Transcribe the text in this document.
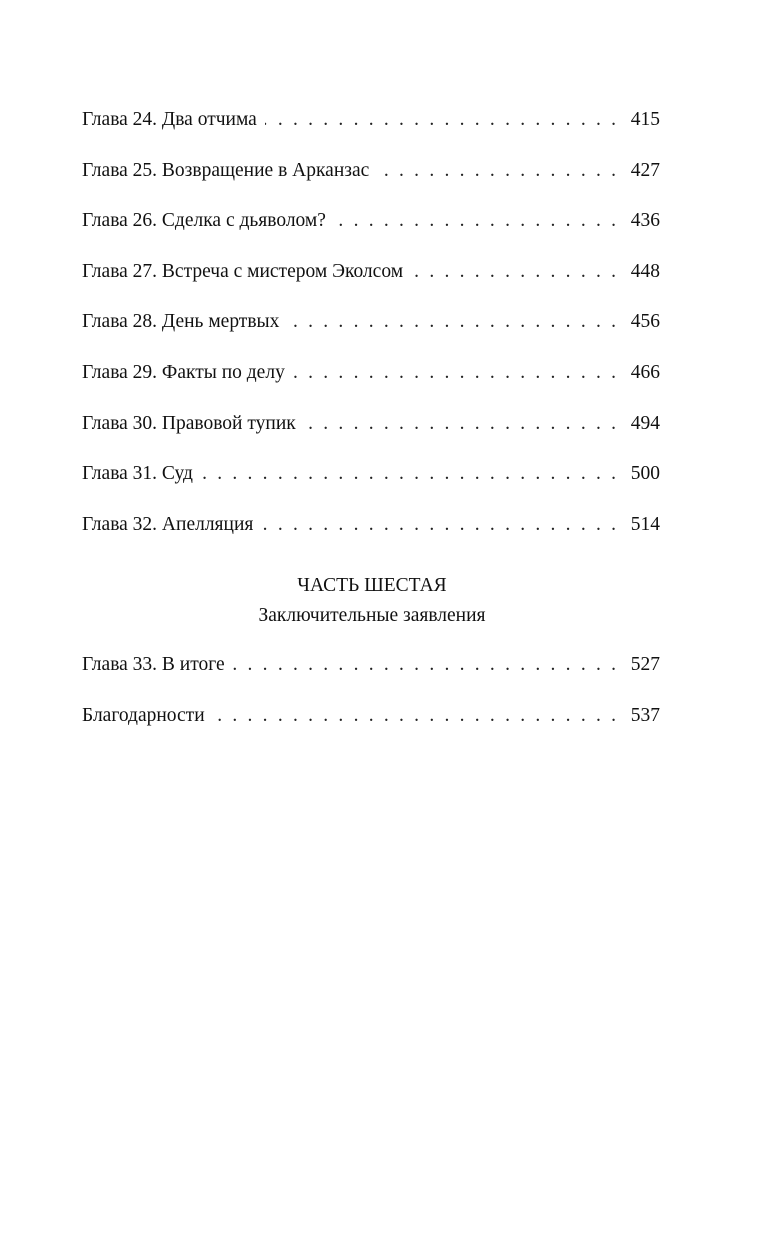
Глава 24. Два отчима . . .	415
Глава 25. Возвращение в Арканзас . . .	427
Глава 26. Сделка с дьяволом? . . .	436
Глава 27. Встреча с мистером Эколсом . . .	448
Глава 28. День мертвых . . .	456
Глава 29. Факты по делу . . .	466
Глава 30. Правовой тупик . . .	494
Глава 31. Суд . . .	500
Глава 32. Апелляция . . .	514
ЧАСТЬ ШЕСТАЯ
Заключительные заявления
Глава 33. В итоге . . .	527
Благодарности . . .	537
